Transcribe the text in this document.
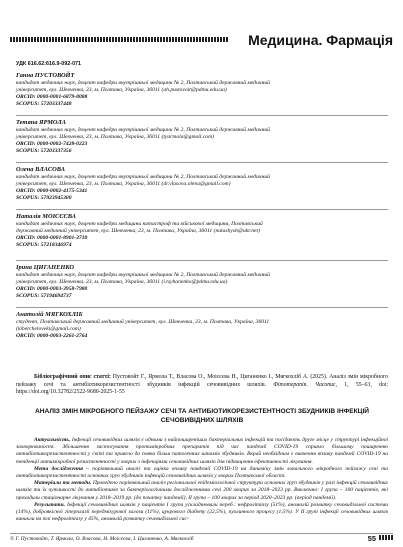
Медицина. Фармація
УДК 616.62:616.9-092-071
Ганна ПУСТОВОЙТ
кандидат медичних наук, доцент кафедри внутрішньої медицини № 2, Полтавський державний медичний
університет, вул. Шевченка, 23, м. Полтава, Україна, 36011 (ah.pustovoit@pdmu.edu.ua)
ORCID: 0000-0001-6879-8088
SCOPUS: 57203337448
Тетяна ЯРМОЛА
кандидат медичних наук, доцент кафедри внутрішньої медицини № 2, Полтавський державний медичний
університет, вул. Шевченка, 23, м. Полтава, Україна, 36011 (tyarmola@gmail.com)
ORCID: 0000-0002-7428-0223
SCOPUS: 57203337356
Олена ВЛАСОВА
кандидат медичних наук, доцент кафедри внутрішньої медицини № 2, Полтавський державний медичний
університет, вул. Шевченка, 23, м. Полтава, Україна, 36011 (dr.vlasova.olena@gmail.com)
ORCID: 0000-0002-4175-5341
SCOPUS: 57923945300
Наталія МОІСЄЄВА
кандидат медичних наук, доцент кафедри медицини катастроф та військової медицини, Полтавський
державний медичний університет, вул. Шевченка, 23, м. Полтава, Україна, 36011 (natashysh@ukr.net)
ORCID: 0000-0001-8901-3710
SCOPUS: 57218346974
Ірина ЦИГАНЕНКО
кандидат медичних наук, доцент кафедри внутрішньої медицини № 2, Полтавський державний медичний
університет, вул. Шевченка, 23, м. Полтава, Україна, 36011 (i.tsyhanenko@pdmu.edu.ua)
ORCID: 0000-0003-3958-7980
SCOPUS: 57194694737
Анатолій МЯГКОХЛІБ
студент, Полтавський державний медичний університет, вул. Шевченка, 23, м. Полтава, Україна, 36011
(kibercheloveki@gmail.com)
ORCID: 0000-0003-2261-2764
Бібліографічний опис статті: Пустовойт Г., Ярмола Т., Власова О., Моісєєва Н., Циганенко І., Мягкохліб А. (2025). Аналіз змін мікробного пейзажу сечі та антибіотикорезистентності збудників інфекцій сечовивідних шляхів. Фітотерапія. Часопис, 1, 55–63, doi: https://doi.org/10.32782/2522-9680-2025-1-55
АНАЛІЗ ЗМІН МІКРОБНОГО ПЕЙЗАЖУ СЕЧІ ТА АНТИБІОТИКОРЕЗИСТЕНТНОСТІ ЗБУДНИКІВ ІНФЕКЦІЙ СЕЧОВИВІДНИХ ШЛЯХІВ
Актуальність. Інфекції сечовивідних шляхів є одними з найпоширеніших бактеріальних інфекцій та посідають друге місце у структурі інфекційної захворюваності. Збільшення застосування протимікробних препаратів під час пандемії COVID-19 сприяло більшому поширенню антибіотикорезистентності у світі та привело до появи більш патогенних штамів збудників. Вкрай необхідним є вивчення впливу пандемії COVID-19 на тенденції антимікробної резистентності у хворих з інфекціями сечовивідних шляхів для підвищення ефективності лікування.
Мета дослідження – порівняльний аналіз та оцінка впливу пандемії COVID-19 на динаміку змін локального мікробного пейзажу сечі та антибіотикорезистентності основних груп збудників інфекцій сечовивідних шляхів у хворих Полтавської області.
Матеріали та методи. Проведено порівняльний аналіз регіональної епідеміологічної структури основних груп збудників у разі інфекцій сечовивідних шляхів та їх чутливості до антибіотиків за бактеріологічними дослідженнями сечі 200 хворих за 2018–2023 рр. Виключно: І група – 100 пацієнтів, які проходили стаціонарне лікування у 2018–2019 рр. (до початку пандемії), ІІ група – 100 хворих за період 2020–2023 рр. (період пандемії).
Результати. Інфекції сечовивідних шляхів у пацієнтів І групи ускладнювали переб.: нефролітіазу (51%), аномалій розвитку сечовидільної системи (14%), доброякісної гіперплазії передміхурової залози (11%), цукрового діабету (22,5%), пухлинного процесу (1,5%). У ІІ групі інфекції сечовивідних шляхів виникли на тлі нефролітіазу у 45%, аномалій розвитку сечовидільної сис-
© Г. Пустовойт, Т. Ярмола, О. Власова, Н. Моісєєва, І. Циганенко, А. Мягкохліб	55
